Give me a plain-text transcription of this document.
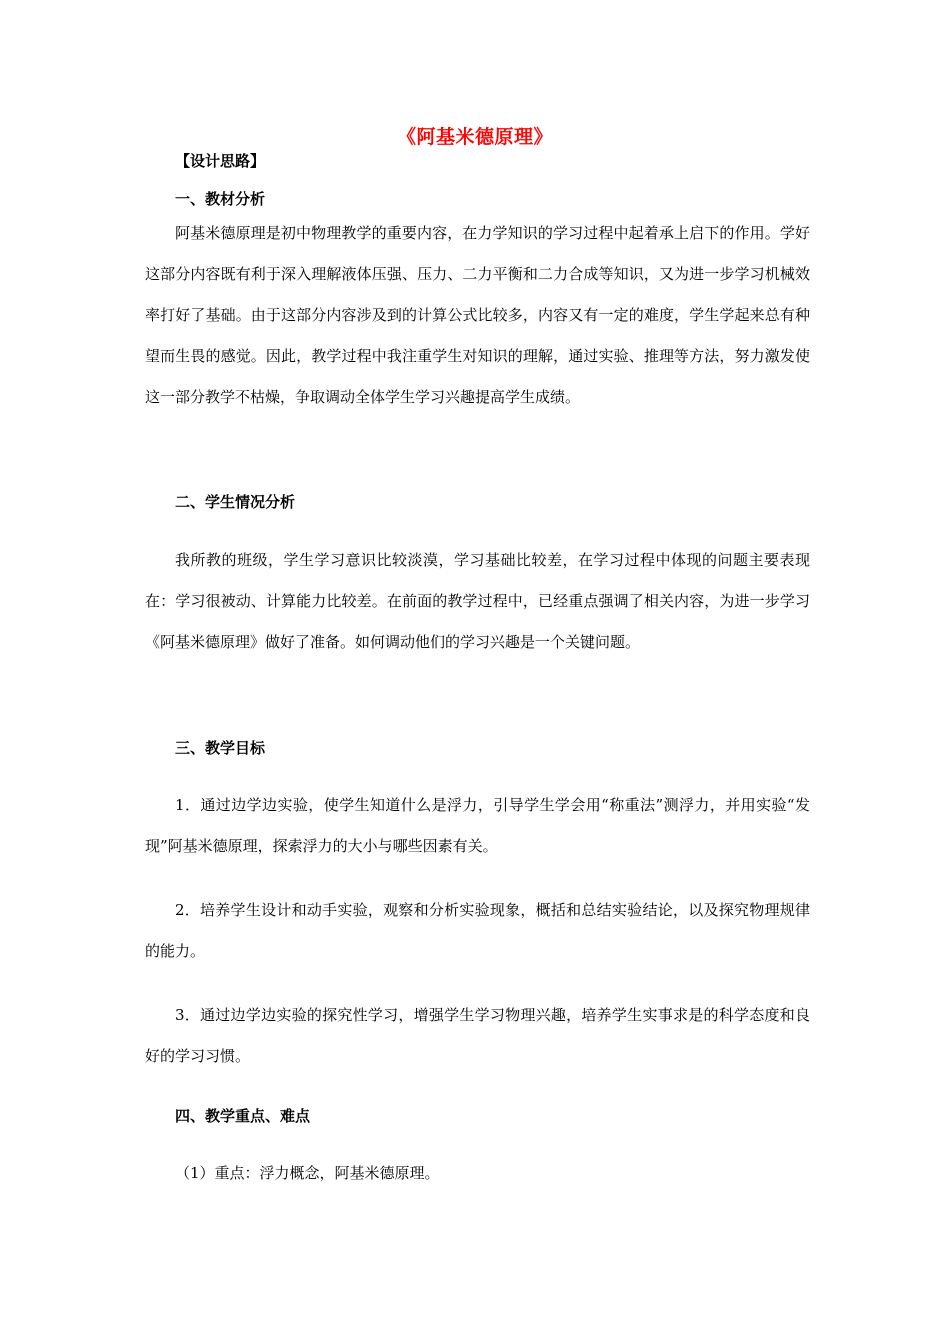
《阿基米德原理》
【设计思路】
一、教材分析
阿基米德原理是初中物理教学的重要内容，在力学知识的学习过程中起着承上启下的作用。学好这部分内容既有利于深入理解液体压强、压力、二力平衡和二力合成等知识，又为进一步学习机械效率打好了基础。由于这部分内容涉及到的计算公式比较多，内容又有一定的难度，学生学起来总有种望而生畏的感觉。因此，教学过程中我注重学生对知识的理解，通过实验、推理等方法，努力激发使这一部分教学不枯燥，争取调动全体学生学习兴趣提高学生成绩。
二、学生情况分析
我所教的班级，学生学习意识比较淡漠，学习基础比较差，在学习过程中体现的问题主要表现在：学习很被动、计算能力比较差。在前面的教学过程中，已经重点强调了相关内容，为进一步学习《阿基米德原理》做好了准备。如何调动他们的学习兴趣是一个关键问题。
三、教学目标
1．通过边学边实验，使学生知道什么是浮力，引导学生学会用“称重法”测浮力，并用实验“发现”阿基米德原理，探索浮力的大小与哪些因素有关。
2．培养学生设计和动手实验，观察和分析实验现象，概括和总结实验结论，以及探究物理规律的能力。
3．通过边学边实验的探究性学习，增强学生学习物理兴趣，培养学生实事求是的科学态度和良好的学习习惯。
四、教学重点、难点
（1）重点：浮力概念，阿基米德原理。
